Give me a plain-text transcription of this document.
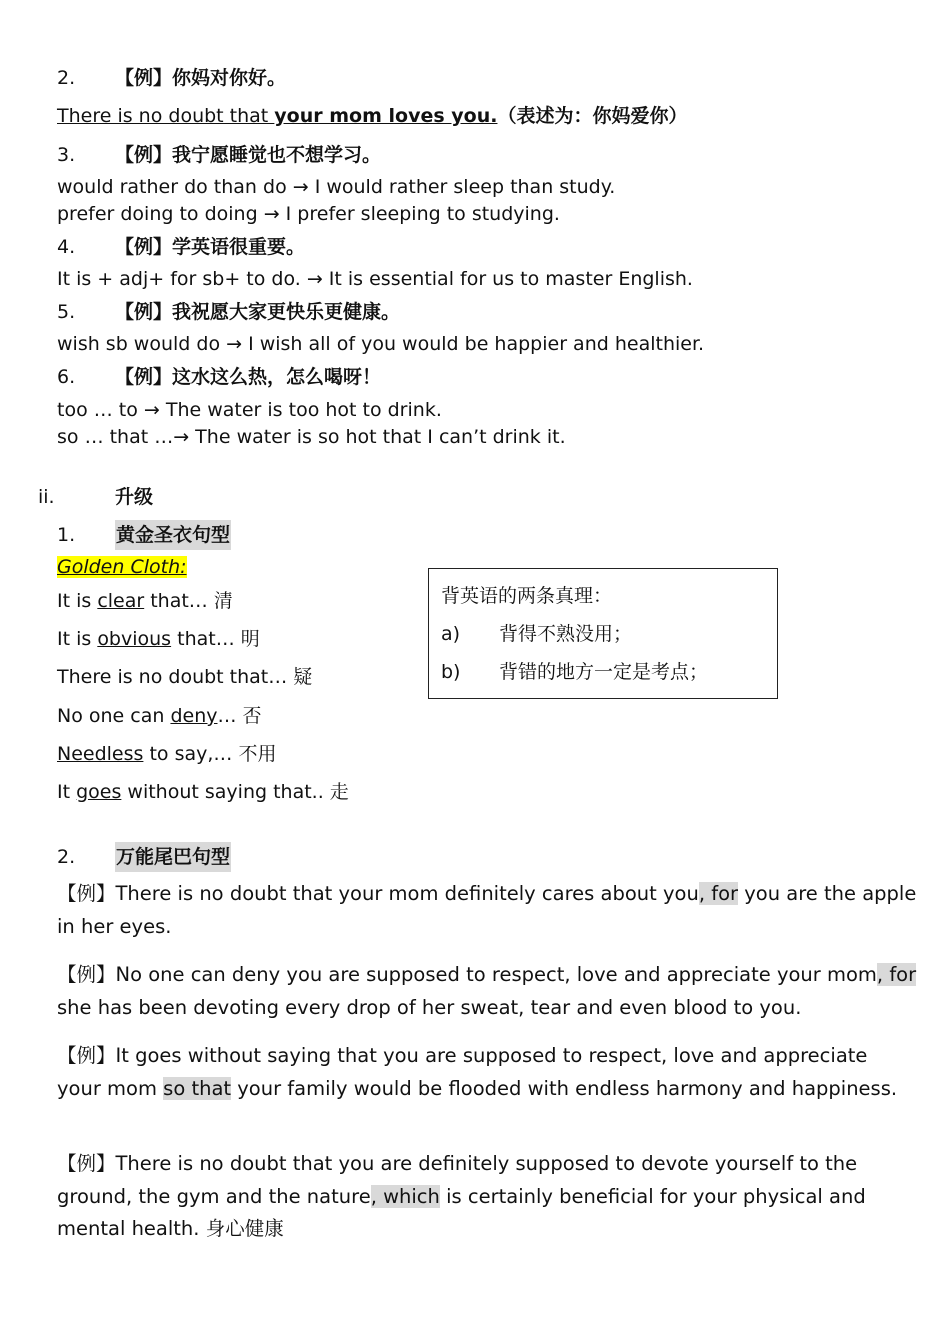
2. 【例】你妈对你好。
There is no doubt that your mom loves you.（表述为：你妈爱你）
3. 【例】我宁愿睡觉也不想学习。
would rather do than do → I would rather sleep than study.
prefer doing to doing → I prefer sleeping to studying.
4. 【例】学英语很重要。
It is + adj+ for sb+ to do. → It is essential for us to master English.
5. 【例】我祝愿大家更快乐更健康。
wish sb would do → I wish all of you would be happier and healthier.
6. 【例】这水这么热，怎么喝呀！
too … to → The water is too hot to drink.
so … that …→ The water is so hot that I can’t drink it.
ii.	升级
1. 黄金圣衣句型
Golden Cloth:
It is clear that… 清
It is obvious that… 明
There is no doubt that… 疑
No one can deny… 否
Needless to say,… 不用
It goes without saying that.. 走
背英语的两条真理：
a) 背得不熟没用；
b) 背错的地方一定是考点；
2. 万能尾巴句型
【例】There is no doubt that your mom definitely cares about you, for you are the apple in her eyes.
【例】No one can deny you are supposed to respect, love and appreciate your mom, for she has been devoting every drop of her sweat, tear and even blood to you.
【例】It goes without saying that you are supposed to respect, love and appreciate your mom so that your family would be flooded with endless harmony and happiness.
【例】There is no doubt that you are definitely supposed to devote yourself to the ground, the gym and the nature, which is certainly beneficial for your physical and mental health. 身心健康
